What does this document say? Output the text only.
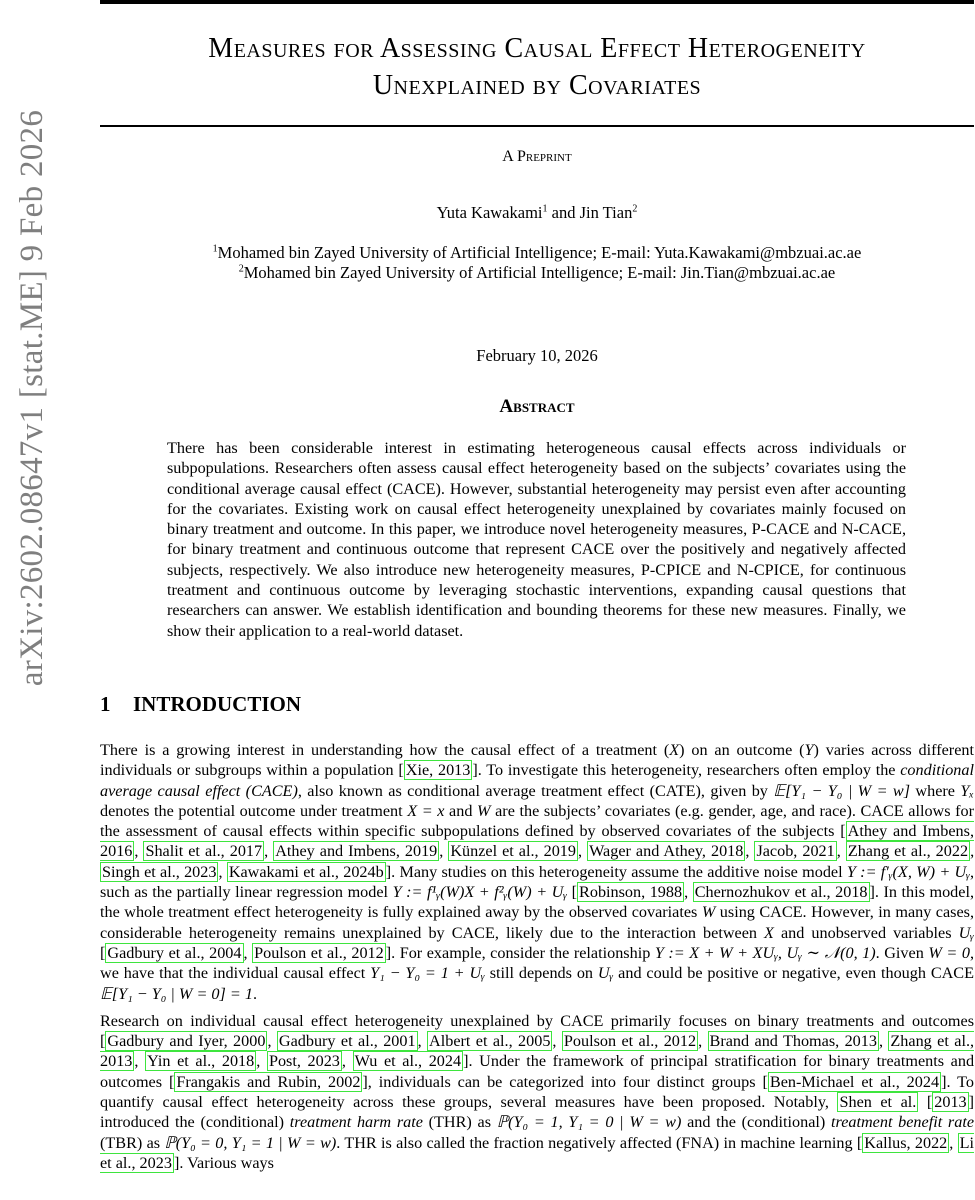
arXiv:2602.08647v1 [stat.ME] 9 Feb 2026
Measures for Assessing Causal Effect Heterogeneity
Unexplained by Covariates
A Preprint
Yuta Kawakami$^1$ and Jin Tian$^2$
$^1$Mohamed bin Zayed University of Artificial Intelligence; E-mail: Yuta.Kawakami@mbzuai.ac.ae
$^2$Mohamed bin Zayed University of Artificial Intelligence; E-mail: Jin.Tian@mbzuai.ac.ae
February 10, 2026
Abstract

There has been considerable interest in estimating heterogeneous causal effects across individuals or subpopulations. Researchers often assess causal effect heterogeneity based on the subjects’ covariates using the conditional average causal effect (CACE). However, substantial heterogeneity may persist even after accounting for the covariates. Existing work on causal effect heterogeneity unexplained by covariates mainly focused on binary treatment and outcome. In this paper, we introduce novel heterogeneity measures, P-CACE and N-CACE, for binary treatment and continuous outcome that represent CACE over the positively and negatively affected subjects, respectively. We also introduce new heterogeneity measures, P-CPICE and N-CPICE, for continuous treatment and continuous outcome by leveraging stochastic interventions, expanding causal questions that researchers can answer. We establish identification and bounding theorems for these new measures. Finally, we show their application to a real-world dataset.

1 INTRODUCTION

There is a growing interest in understanding how the causal effect of a treatment (X) on an outcome (Y) varies across different individuals or subgroups within a population [ Xie, 2013 ]. To investigate this heterogeneity, researchers often employ the conditional average causal effect (CACE), also known as conditional average treatment effect (CATE), given by 𝔼[Y₁ − Y₀ | W = w] where Yₓ denotes the potential outcome under treatment X = x and W are the subjects’ covariates (e.g. gender, age, and race). CACE allows for the assessment of causal effects within specific subpopulations defined by observed covariates of the subjects [ Athey and Imbens, 2016 , Shalit et al., 2017 , Athey and Imbens, 2019 , Künzel et al., 2019 , Wager and Athey, 2018 , Jacob, 2021 , Zhang et al., 2022 , Singh et al., 2023 , Kawakami et al., 2024b ]. Many studies on this heterogeneity assume the additive noise model Y := f′ᵧ(X, W) + Uᵧ, such as the partially linear regression model Y := f¹ᵧ(W)X + f²ᵧ(W) + Uᵧ [ Robinson, 1988 , Chernozhukov et al., 2018 ]. In this model, the whole treatment effect heterogeneity is fully explained away by the observed covariates W using CACE. However, in many cases, considerable heterogeneity remains unexplained by CACE, likely due to the interaction between X and unobserved variables Uᵧ [ Gadbury et al., 2004 , Poulson et al., 2012 ]. For example, consider the relationship Y := X + W + XUᵧ, Uᵧ ∼ 𝒩(0, 1). Given W = 0, we have that the individual causal effect Y₁ − Y₀ = 1 + Uᵧ still depends on Uᵧ and could be positive or negative, even though CACE 𝔼[Y₁ − Y₀ | W = 0] = 1.

Research on individual causal effect heterogeneity unexplained by CACE primarily focuses on binary treatments and outcomes [ Gadbury and Iyer, 2000 , Gadbury et al., 2001 , Albert et al., 2005 , Poulson et al., 2012 , Brand and Thomas, 2013 , Zhang et al., 2013 , Yin et al., 2018 , Post, 2023 , Wu et al., 2024 ]. Under the framework of principal stratification for binary treatments and outcomes [ Frangakis and Rubin, 2002 ], individuals can be categorized into four distinct groups [ Ben-Michael et al., 2024 ]. To quantify causal effect heterogeneity across these groups, several measures have been proposed. Notably, Shen et al. [ 2013 ] introduced the (conditional) treatment harm rate (THR) as ℙ(Y₀ = 1, Y₁ = 0 | W = w) and the (conditional) treatment benefit rate (TBR) as ℙ(Y₀ = 0, Y₁ = 1 | W = w). THR is also called the fraction negatively affected (FNA) in machine learning [ Kallus, 2022 , Li et al., 2023 ]. Various ways
